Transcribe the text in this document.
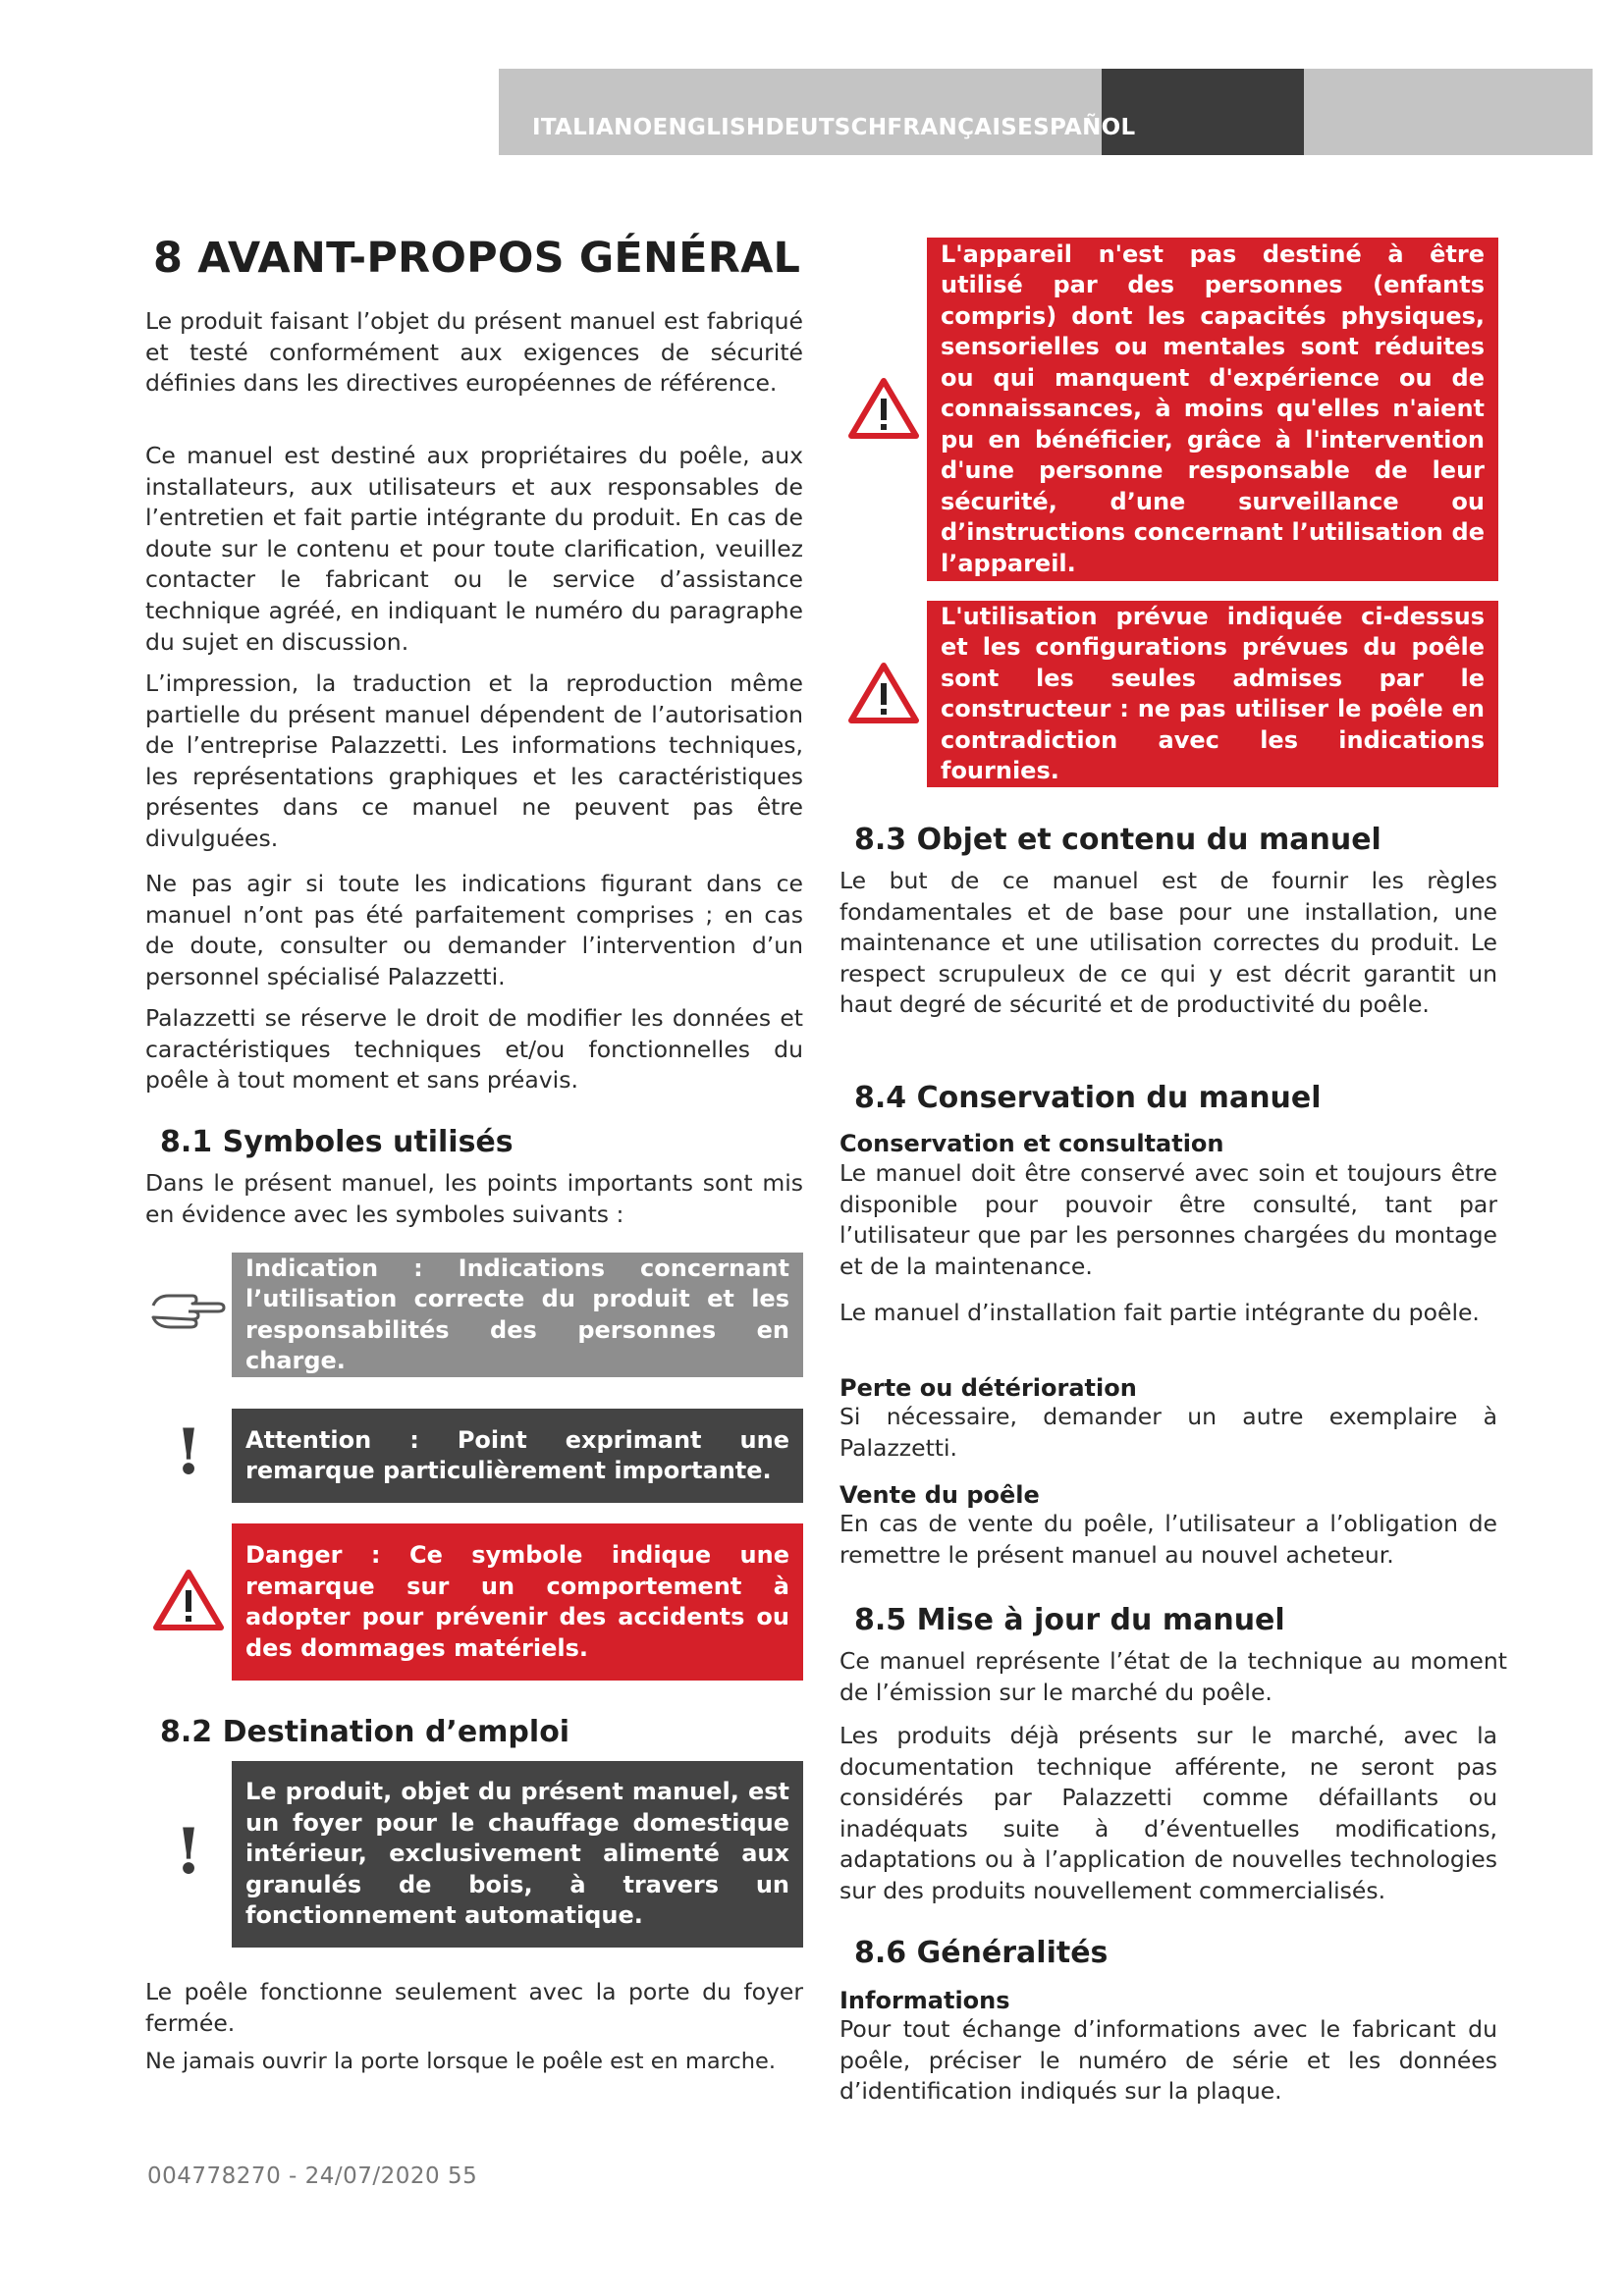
ITALIANOENGLISHDEUTSCHFRANÇAISESPAÑOL
8 AVANT-PROPOS GÉNÉRAL

Le produit faisant l’objet du présent manuel est fabriqué et testé conformément aux exigences de sécurité définies dans les directives européennes de référence.

Ce manuel est destiné aux propriétaires du poêle, aux installateurs, aux utilisateurs et aux responsables de l’entretien et fait partie intégrante du produit. En cas de doute sur le contenu et pour toute clarification, veuillez contacter le fabricant ou le service d’assistance technique agréé, en indiquant le numéro du paragraphe du sujet en discussion.

L’impression, la traduction et la reproduction même partielle du présent manuel dépendent de l’autorisation de l’entreprise Palazzetti. Les informations techniques, les représentations graphiques et les caractéristiques présentes dans ce manuel ne peuvent pas être divulguées.

Ne pas agir si toute les indications figurant dans ce manuel n’ont pas été parfaitement comprises ; en cas de doute, consulter ou demander l’intervention d’un personnel spécialisé Palazzetti.

Palazzetti se réserve le droit de modifier les données et caractéristiques techniques et/ou fonctionnelles du poêle à tout moment et sans préavis.

8.1 Symboles utilisés

Dans le présent manuel, les points importants sont mis en évidence avec les symboles suivants :

Indication : Indications concernant l’utilisation correcte du produit et les responsabilités des personnes en charge.
! Attention : Point exprimant une remarque particulièrement importante.
Danger : Ce symbole indique une remarque sur un comportement à adopter pour prévenir des accidents ou des dommages matériels.
8.2 Destination d’emploi
!
Le produit, objet du présent manuel, est un foyer pour le chauffage domestique intérieur, exclusivement alimenté aux granulés de bois, à travers un fonctionnement automatique.

Le poêle fonctionne seulement avec la porte du foyer fermée.

Ne jamais ouvrir la porte lorsque le poêle est en marche.

L'appareil n'est pas destiné à être utilisé par des personnes (enfants compris) dont les capacités physiques, sensorielles ou mentales sont réduites ou qui manquent d'expérience ou de connaissances, à moins qu'elles n'aient pu en bénéficier, grâce à l'intervention d'une personne responsable de leur sécurité, d’une surveillance ou d’instructions concernant l’utilisation de l’appareil.
L'utilisation prévue indiquée ci-dessus et les configurations prévues du poêle sont les seules admises par le constructeur : ne pas utiliser le poêle en contradiction avec les indications fournies.
8.3 Objet et contenu du manuel

Le but de ce manuel est de fournir les règles fondamentales et de base pour une installation, une maintenance et une utilisation correctes du produit. Le respect scrupuleux de ce qui y est décrit garantit un haut degré de sécurité et de productivité du poêle.

8.4 Conservation du manuel
Conservation et consultation

Le manuel doit être conservé avec soin et toujours être disponible pour pouvoir être consulté, tant par l’utilisateur que par les personnes chargées du montage et de la maintenance.

Le manuel d’installation fait partie intégrante du poêle.

Perte ou détérioration

Si nécessaire, demander un autre exemplaire à Palazzetti.

Vente du poêle

En cas de vente du poêle, l’utilisateur a l’obligation de remettre le présent manuel au nouvel acheteur.

8.5 Mise à jour du manuel

Ce manuel représente l’état de la technique au moment de l’émission sur le marché du poêle.

Les produits déjà présents sur le marché, avec la documentation technique afférente, ne seront pas considérés par Palazzetti comme défaillants ou inadéquats suite à d’éventuelles modifications, adaptations ou à l’application de nouvelles technologies sur des produits nouvellement commercialisés.

8.6 Généralités
Informations

Pour tout échange d’informations avec le fabricant du poêle, préciser le numéro de série et les données d’identification indiqués sur la plaque.

004778270 - 24/07/2020 55
